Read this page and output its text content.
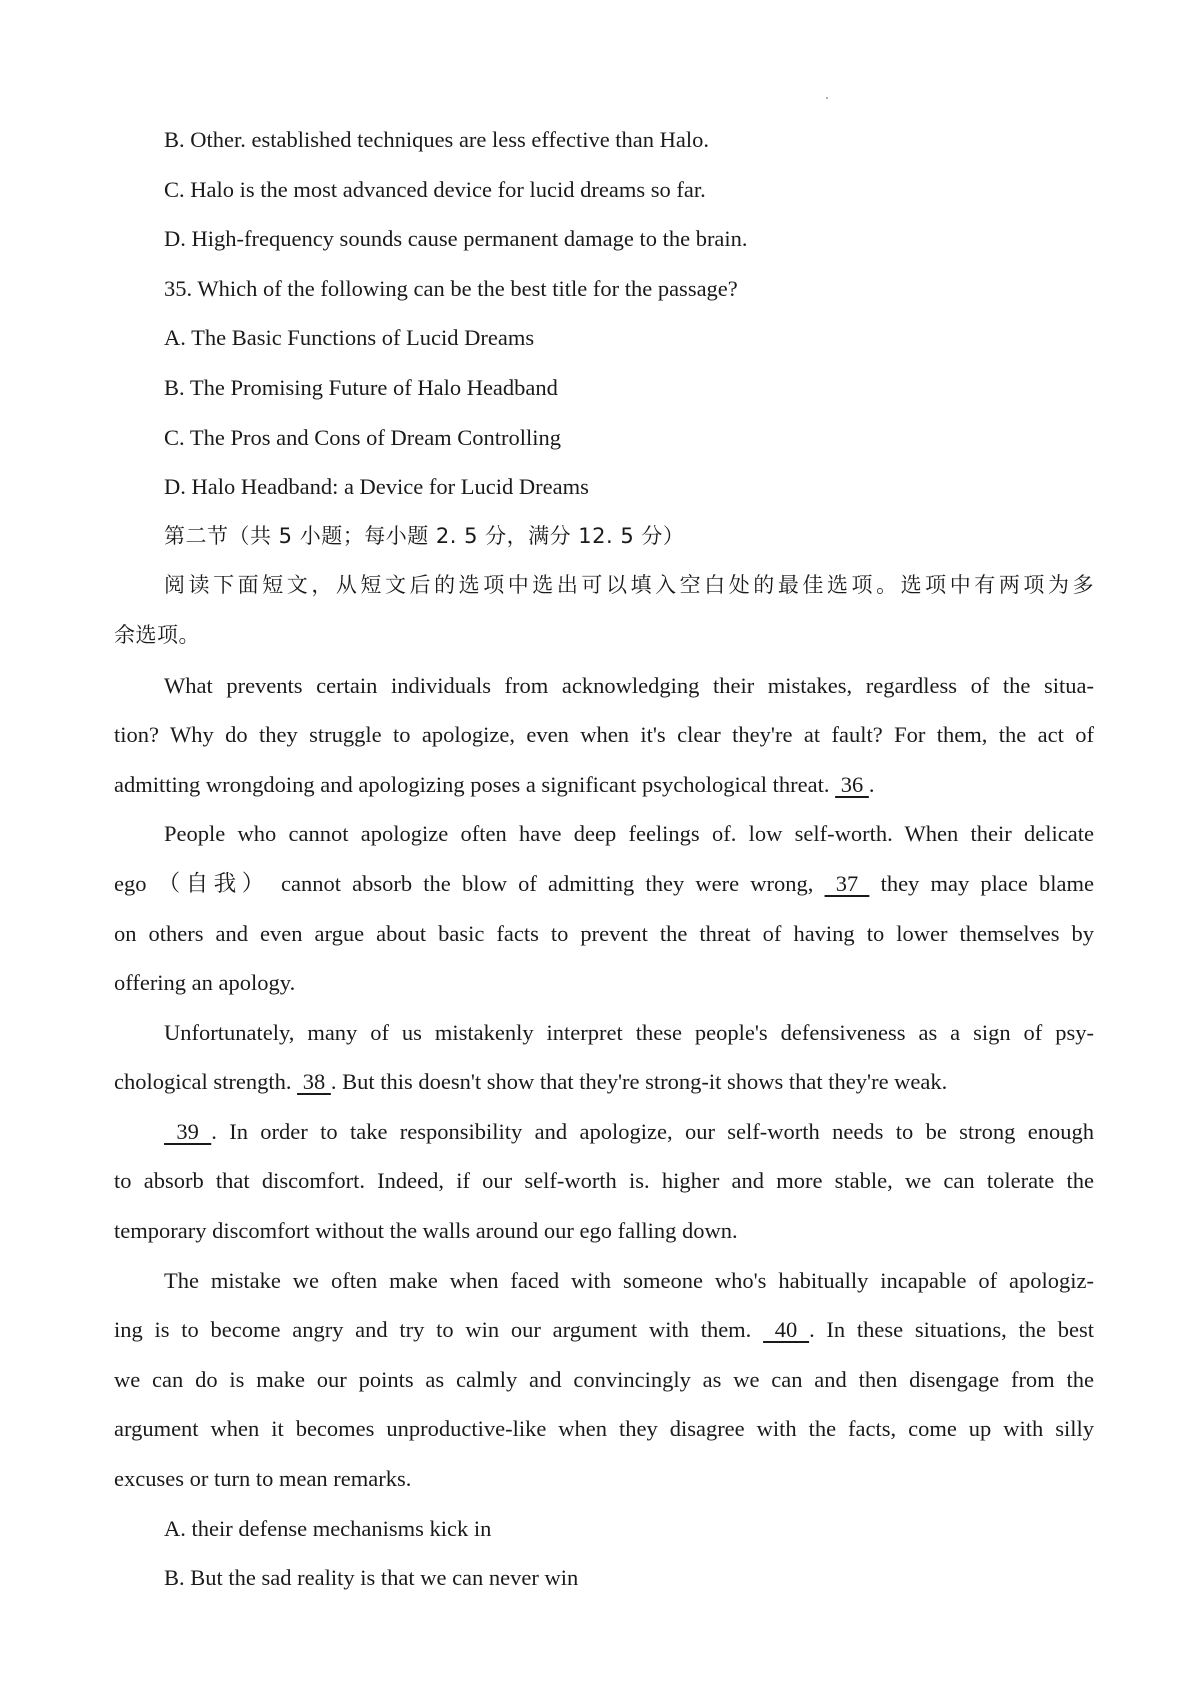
B. Other. established techniques are less effective than Halo.
C. Halo is the most advanced device for lucid dreams so far.
D. High-frequency sounds cause permanent damage to the brain.
35. Which of the following can be the best title for the passage?
A. The Basic Functions of Lucid Dreams
B. The Promising Future of Halo Headband
C. The Pros and Cons of Dream Controlling
D. Halo Headband: a Device for Lucid Dreams
第二节（共 5 小题；每小题 2. 5 分，满分 12. 5 分）
阅读下面短文，从短文后的选项中选出可以填入空白处的最佳选项。选项中有两项为多
余选项。
What prevents certain individuals from acknowledging their mistakes, regardless of the situa-
tion? Why do they struggle to apologize, even when it's clear they're at fault? For them, the act of
admitting wrongdoing and apologizing poses a significant psychological threat.  36 .
People who cannot apologize often have deep feelings of. low self-worth. When their delicate
ego （自我） cannot absorb the blow of admitting they were wrong,  37  they may place blame
on others and even argue about basic facts to prevent the threat of having to lower themselves by
offering an apology.
Unfortunately, many of us mistakenly interpret these people's defensiveness as a sign of psy-
chological strength.  38 . But this doesn't show that they're strong-it shows that they're weak.
39 . In order to take responsibility and apologize, our self-worth needs to be strong enough
to absorb that discomfort. Indeed, if our self-worth is. higher and more stable, we can tolerate the
temporary discomfort without the walls around our ego falling down.
The mistake we often make when faced with someone who's habitually incapable of apologiz-
ing is to become angry and try to win our argument with them.  40 . In these situations, the best
we can do is make our points as calmly and convincingly as we can and then disengage from the
argument when it becomes unproductive-like when they disagree with the facts, come up with silly
excuses or turn to mean remarks.
A. their defense mechanisms kick in
B. But the sad reality is that we can never win
